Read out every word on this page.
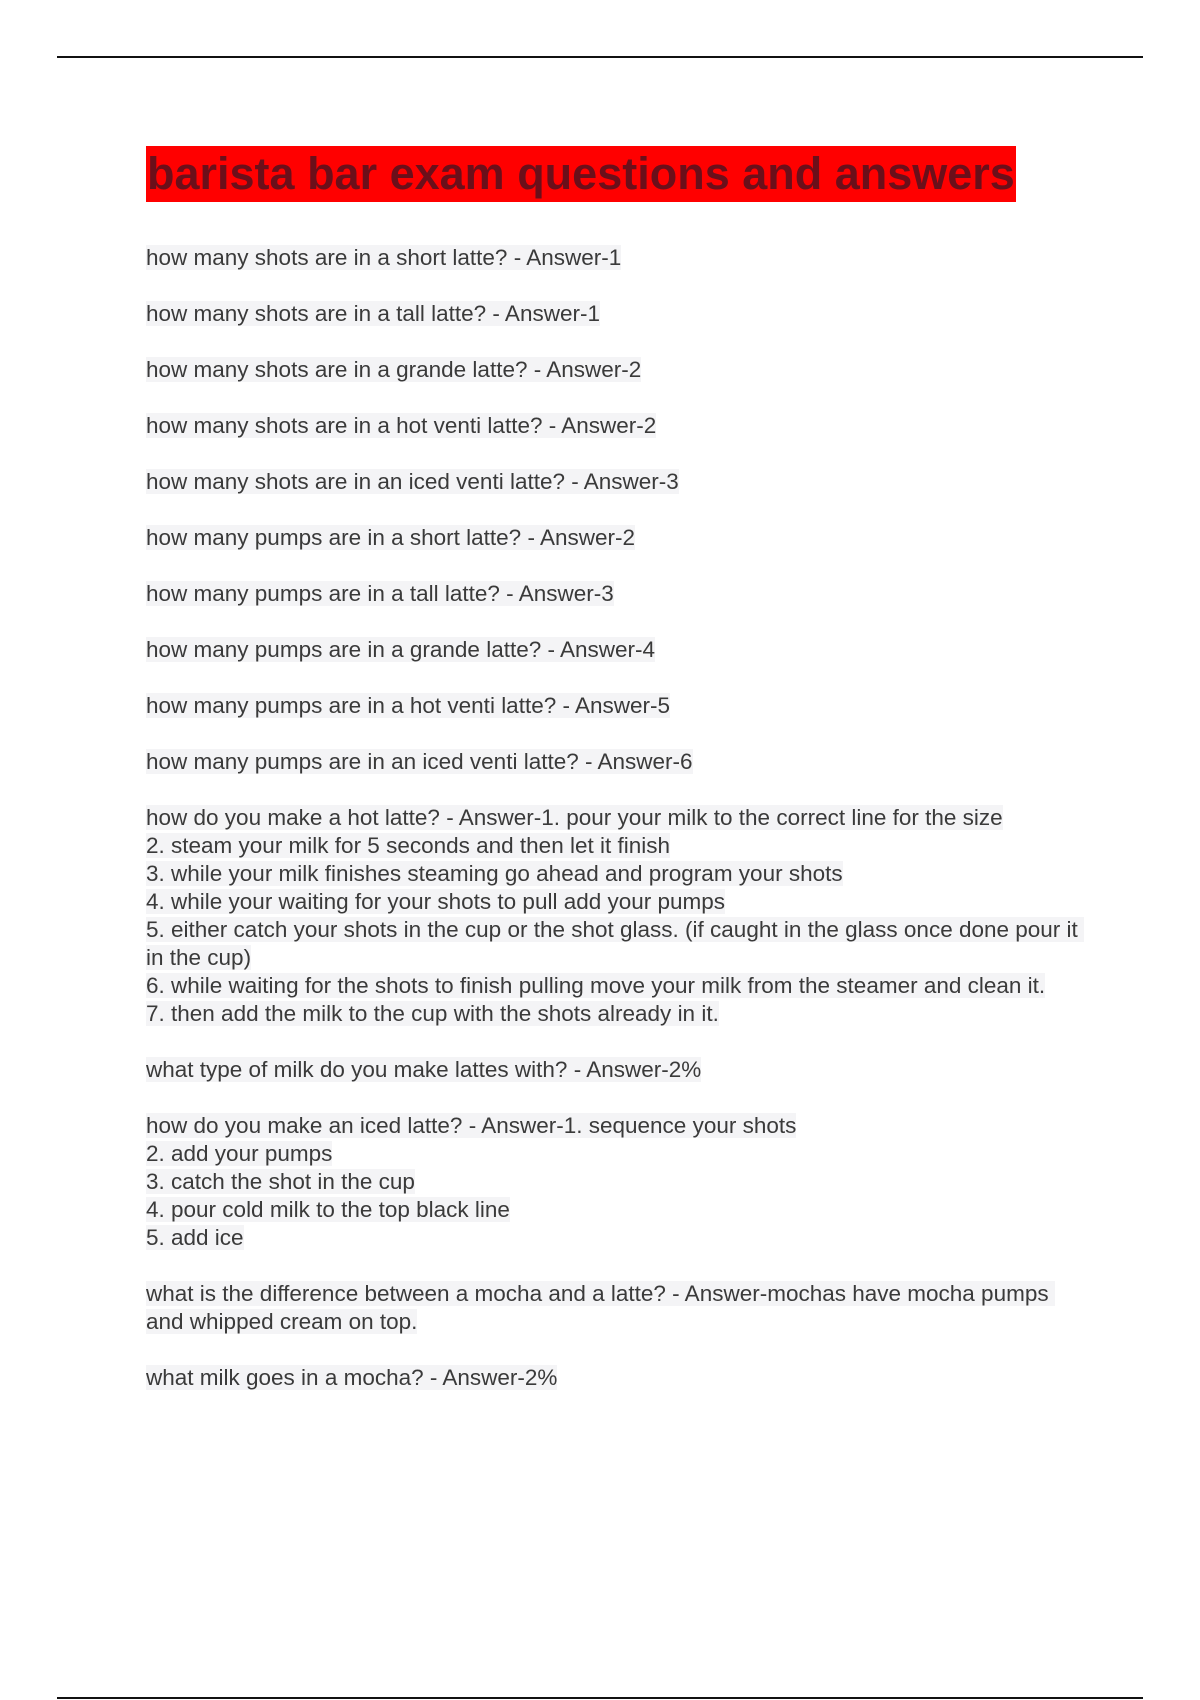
barista bar exam questions and answers
how many shots are in a short latte? - Answer-1
how many shots are in a tall latte? - Answer-1
how many shots are in a grande latte? - Answer-2
how many shots are in a hot venti latte? - Answer-2
how many shots are in an iced venti latte? - Answer-3
how many pumps are in a short latte? - Answer-2
how many pumps are in a tall latte? - Answer-3
how many pumps are in a grande latte? - Answer-4
how many pumps are in a hot venti latte? - Answer-5
how many pumps are in an iced venti latte? - Answer-6
how do you make a hot latte? - Answer-1. pour your milk to the correct line for the size
2. steam your milk for 5 seconds and then let it finish
3. while your milk finishes steaming go ahead and program your shots
4. while your waiting for your shots to pull add your pumps
5. either catch your shots in the cup or the shot glass. (if caught in the glass once done pour it in the cup)
6. while waiting for the shots to finish pulling move your milk from the steamer and clean it.
7. then add the milk to the cup with the shots already in it.
what type of milk do you make lattes with? - Answer-2%
how do you make an iced latte? - Answer-1. sequence your shots
2. add your pumps
3. catch the shot in the cup
4. pour cold milk to the top black line
5. add ice
what is the difference between a mocha and a latte? - Answer-mochas have mocha pumps and whipped cream on top.
what milk goes in a mocha? - Answer-2%
